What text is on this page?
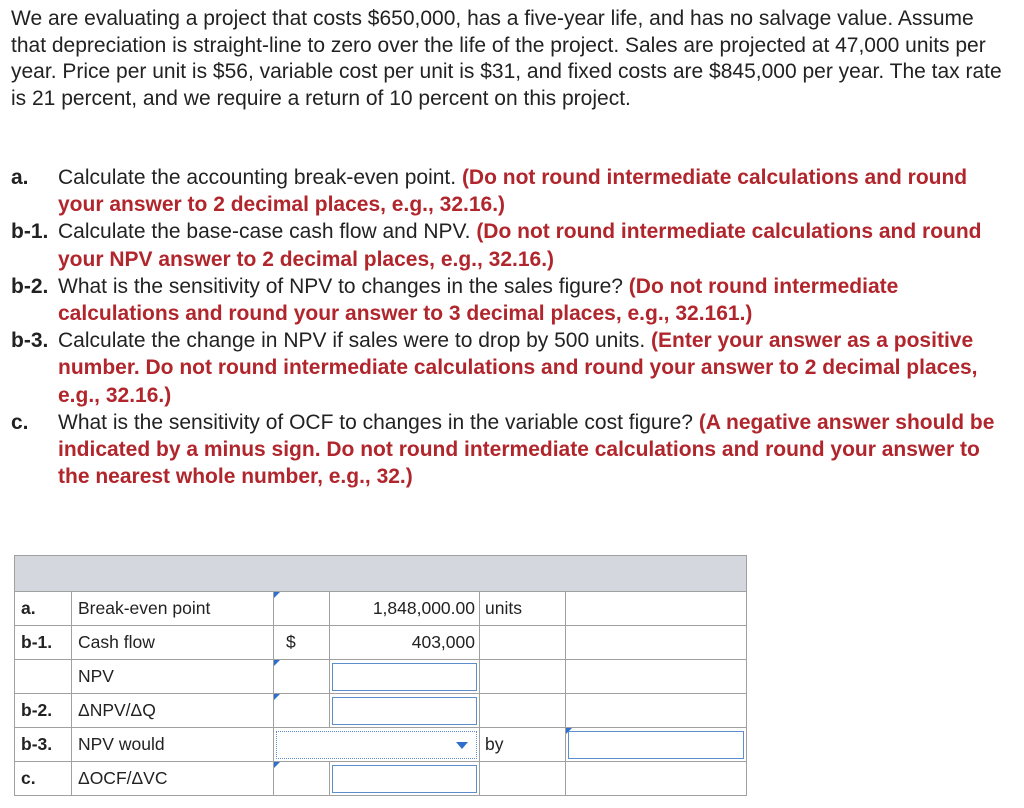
We are evaluating a project that costs $650,000, has a five-year life, and has no salvage value. Assume that depreciation is straight-line to zero over the life of the project. Sales are projected at 47,000 units per year. Price per unit is $56, variable cost per unit is $31, and fixed costs are $845,000 per year. The tax rate is 21 percent, and we require a return of 10 percent on this project.

a. Calculate the accounting break-even point. (Do not round intermediate calculations and round your answer to 2 decimal places, e.g., 32.16.)
b-1. Calculate the base-case cash flow and NPV. (Do not round intermediate calculations and round your NPV answer to 2 decimal places, e.g., 32.16.)
b-2. What is the sensitivity of NPV to changes in the sales figure? (Do not round intermediate calculations and round your answer to 3 decimal places, e.g., 32.161.)
b-3. Calculate the change in NPV if sales were to drop by 500 units. (Enter your answer as a positive number. Do not round intermediate calculations and round your answer to 2 decimal places, e.g., 32.16.)
c. What is the sensitivity of OCF to changes in the variable cost figure? (A negative answer should be indicated by a minus sign. Do not round intermediate calculations and round your answer to the nearest whole number, e.g., 32.)

a.	Break-even point		1,848,000.00	units	
b-1.	Cash flow	$	403,000		
	NPV	

b-2.	ΔNPV/ΔQ	

b-3.	NPV would			by	

c.	ΔOCF/ΔVC	
